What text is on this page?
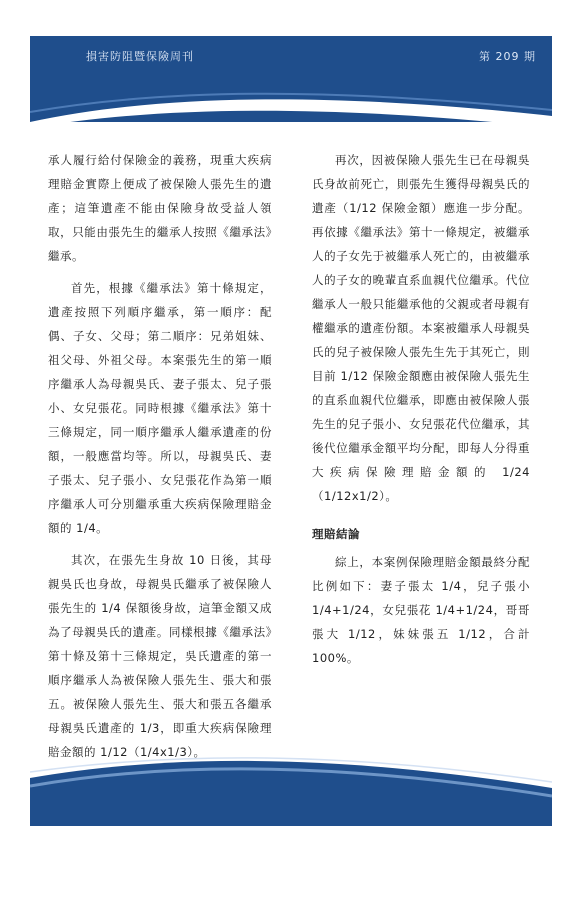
損害防阻暨保險周刊	第 209 期

承人履行給付保險金的義務，現重大疾病理賠金實際上便成了被保險人張先生的遺產；這筆遺產不能由保險身故受益人領取，只能由張先生的繼承人按照《繼承法》繼承。

首先，根據《繼承法》第十條規定，遺產按照下列順序繼承，第一順序：配偶、子女、父母；第二順序：兄弟姐妹、祖父母、外祖父母。本案張先生的第一順序繼承人為母親吳氏、妻子張太、兒子張小、女兒張花。同時根據《繼承法》第十三條規定，同一順序繼承人繼承遺產的份額，一般應當均等。所以，母親吳氏、妻子張太、兒子張小、女兒張花作為第一順序繼承人可分別繼承重大疾病保險理賠金額的 1/4。

其次，在張先生身故 10 日後，其母親吳氏也身故，母親吳氏繼承了被保險人張先生的 1/4 保額後身故，這筆金額又成為了母親吳氏的遺產。同樣根據《繼承法》第十條及第十三條規定，吳氏遺產的第一順序繼承人為被保險人張先生、張大和張五。被保險人張先生、張大和張五各繼承母親吳氏遺產的 1/3，即重大疾病保險理賠金額的 1/12（1/4x1/3）。

再次，因被保險人張先生已在母親吳氏身故前死亡，則張先生獲得母親吳氏的遺產（1/12 保險金額）應進一步分配。再依據《繼承法》第十一條規定，被繼承人的子女先于被繼承人死亡的，由被繼承人的子女的晚輩直系血親代位繼承。代位繼承人一般只能繼承他的父親或者母親有權繼承的遺產份額。本案被繼承人母親吳氏的兒子被保險人張先生先于其死亡，則目前 1/12 保險金額應由被保險人張先生的直系血親代位繼承，即應由被保險人張先生的兒子張小、女兒張花代位繼承，其後代位繼承金額平均分配，即每人分得重大疾病保險理賠金額的 1/24（1/12x1/2）。

理賠結論

綜上，本案例保險理賠金額最終分配比例如下：妻子張太 1/4，兒子張小 1/4+1/24，女兒張花 1/4+1/24，哥哥張大 1/12，妹妹張五 1/12，合計 100%。
